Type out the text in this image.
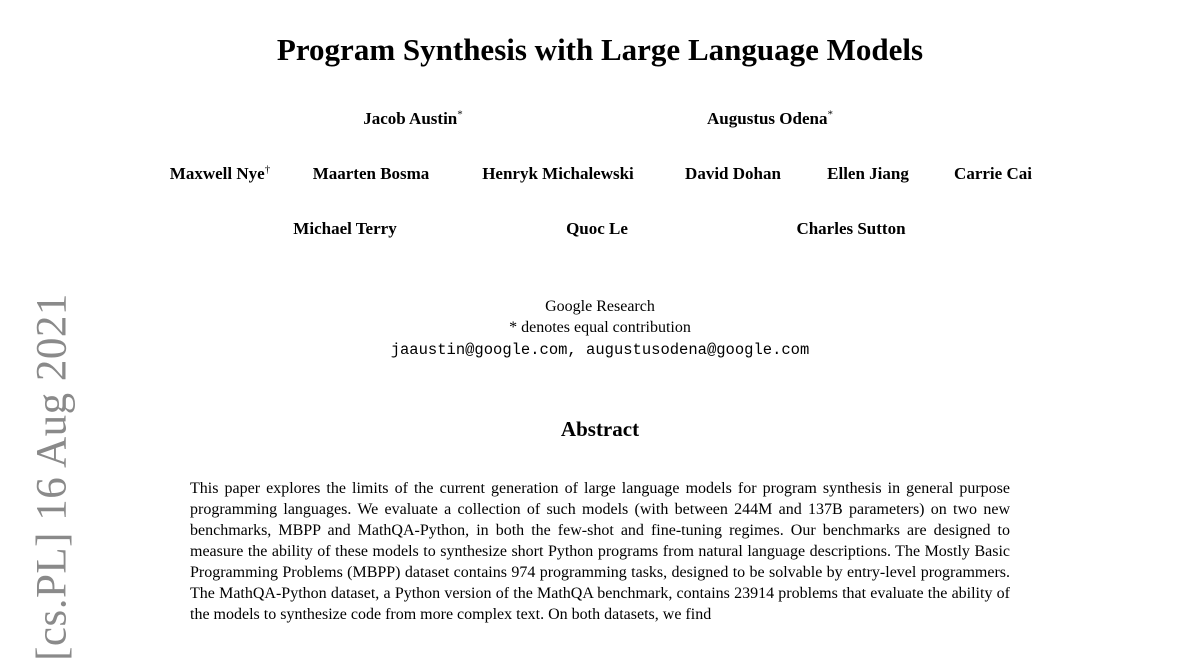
Program Synthesis with Large Language Models
Jacob Austin*	Augustus Odena*
Maxwell Nye† Maarten Bosma	Henryk Michalewski	David Dohan	Ellen Jiang	Carrie Cai
Michael Terry	Quoc Le	Charles Sutton
Google Research
* denotes equal contribution
jaaustin@google.com, augustusodena@google.com
Abstract

This paper explores the limits of the current generation of large language models for program synthesis in general purpose programming languages. We evaluate a collection of such models (with between 244M and 137B parameters) on two new benchmarks, MBPP and MathQA-Python, in both the few-shot and fine-tuning regimes. Our benchmarks are designed to measure the ability of these models to synthesize short Python programs from natural language descriptions. The Mostly Basic Programming Problems (MBPP) dataset contains 974 programming tasks, designed to be solvable by entry-level programmers. The MathQA-Python dataset, a Python version of the MathQA benchmark, contains 23914 problems that evaluate the ability of the models to synthesize code from more complex text. On both datasets, we find

[cs.PL] 16 Aug 2021
